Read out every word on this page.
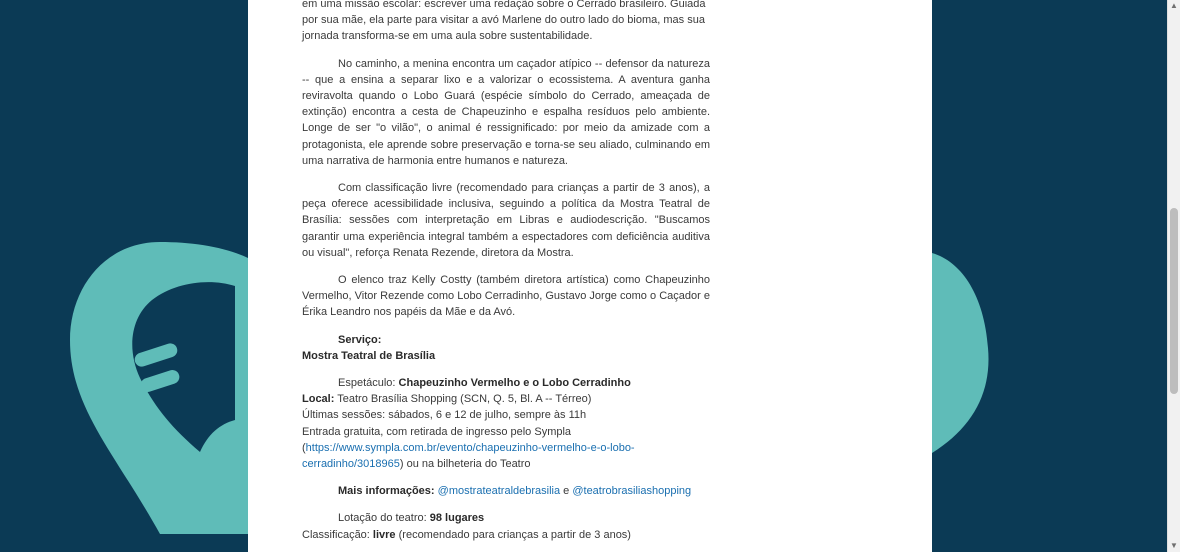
em uma missão escolar: escrever uma redação sobre o Cerrado brasileiro. Guiada
por sua mãe, ela parte para visitar a avó Marlene do outro lado do bioma, mas sua
jornada transforma-se em uma aula sobre sustentabilidade.

No caminho, a menina encontra um caçador atípico -- defensor da natureza -- que a ensina a separar lixo e a valorizar o ecossistema. A aventura ganha reviravolta quando o Lobo Guará (espécie símbolo do Cerrado, ameaçada de extinção) encontra a cesta de Chapeuzinho e espalha resíduos pelo ambiente. Longe de ser "o vilão", o animal é ressignificado: por meio da amizade com a protagonista, ele aprende sobre preservação e torna-se seu aliado, culminando em uma narrativa de harmonia entre humanos e natureza.

Com classificação livre (recomendado para crianças a partir de 3 anos), a peça oferece acessibilidade inclusiva, seguindo a política da Mostra Teatral de Brasília: sessões com interpretação em Libras e audiodescrição. "Buscamos garantir uma experiência integral também a espectadores com deficiência auditiva ou visual", reforça Renata Rezende, diretora da Mostra.

O elenco traz Kelly Costty (também diretora artística) como Chapeuzinho Vermelho, Vitor Rezende como Lobo Cerradinho, Gustavo Jorge como o Caçador e Érika Leandro nos papéis da Mãe e da Avó.

Serviço:
Mostra Teatral de Brasília

Espetáculo: Chapeuzinho Vermelho e o Lobo Cerradinho
Local: Teatro Brasília Shopping (SCN, Q. 5, Bl. A -- Térreo)
Últimas sessões: sábados, 6 e 12 de julho, sempre às 11h
Entrada gratuita, com retirada de ingresso pelo Sympla
(https://www.sympla.com.br/evento/chapeuzinho-vermelho-e-o-lobo-
cerradinho/3018965) ou na bilheteria do Teatro

Mais informações: @mostrateatraldebrasilia e @teatrobrasiliashopping

Lotação do teatro: 98 lugares
Classificação: livre (recomendado para crianças a partir de 3 anos)

▲
▼
